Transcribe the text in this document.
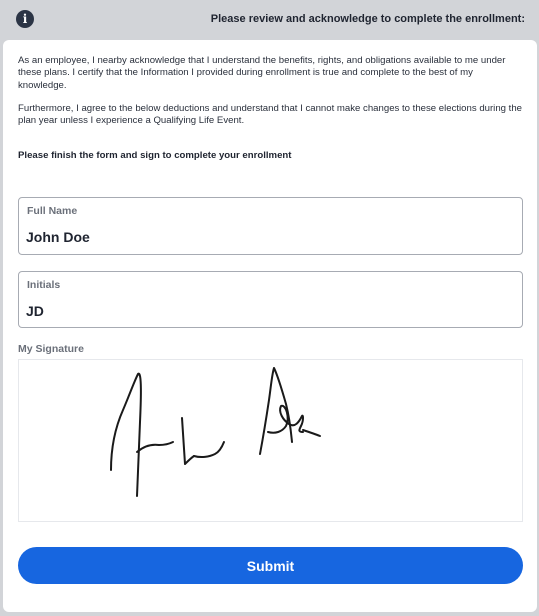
i	Please review and acknowledge to complete the enrollment:

As an employee, I nearby acknowledge that I understand the benefits, rights, and obligations available to me under these plans. I certify that the Information I provided during enrollment is true and complete to the best of my knowledge.

Furthermore, I agree to the below deductions and understand that I cannot make changes to these elections during the plan year unless I experience a Qualifying Life Event.

Please finish the form and sign to complete your enrollment

Full Name
John Doe
Initials
JD
My Signature
Submit
